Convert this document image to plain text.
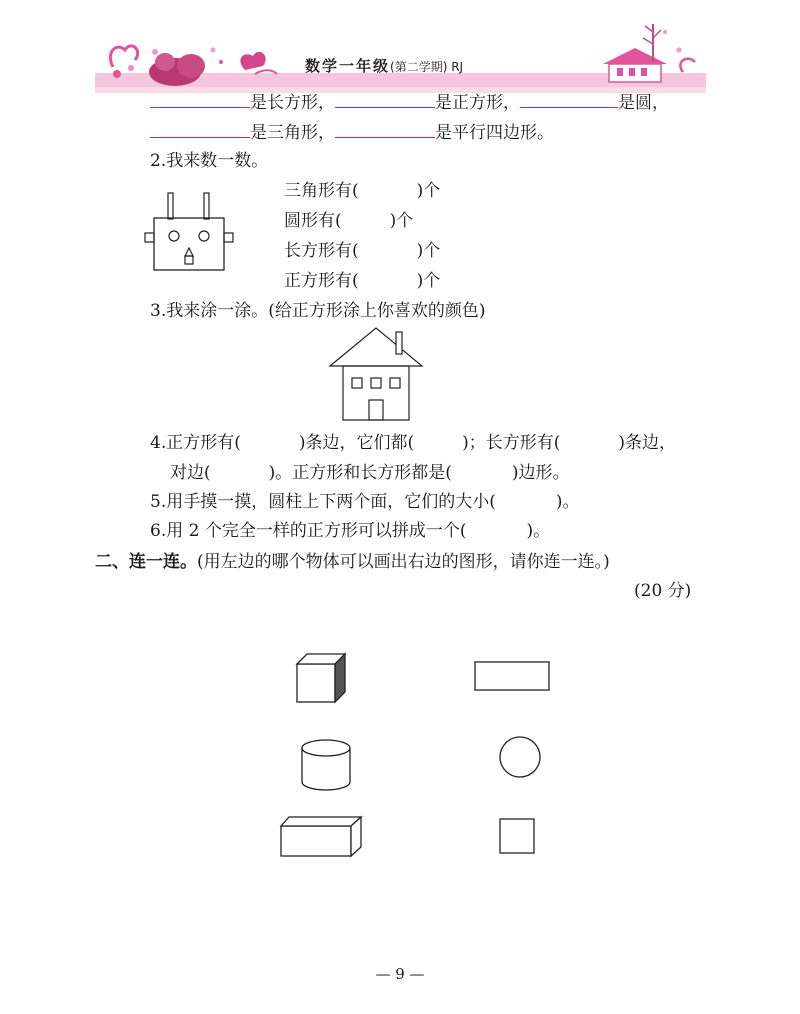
数学一年级(第二学期) RJ
是长方形，	是正方形，	是圆，
是三角形，	是平行四边形。
2.我来数一数。
三角形有(	)个
圆形有(	)个
长方形有(	)个
正方形有(	)个
3.我来涂一涂。(给正方形涂上你喜欢的颜色)
4.正方形有(	)条边，它们都(	)；长方形有(	)条边，
对边(	)。正方形和长方形都是(	)边形。
5.用手摸一摸，圆柱上下两个面，它们的大小(	)。
6.用 2 个完全一样的正方形可以拼成一个(	)。
二、连一连。(用左边的哪个物体可以画出右边的图形，请你连一连。)
(20 分)
— 9 —
